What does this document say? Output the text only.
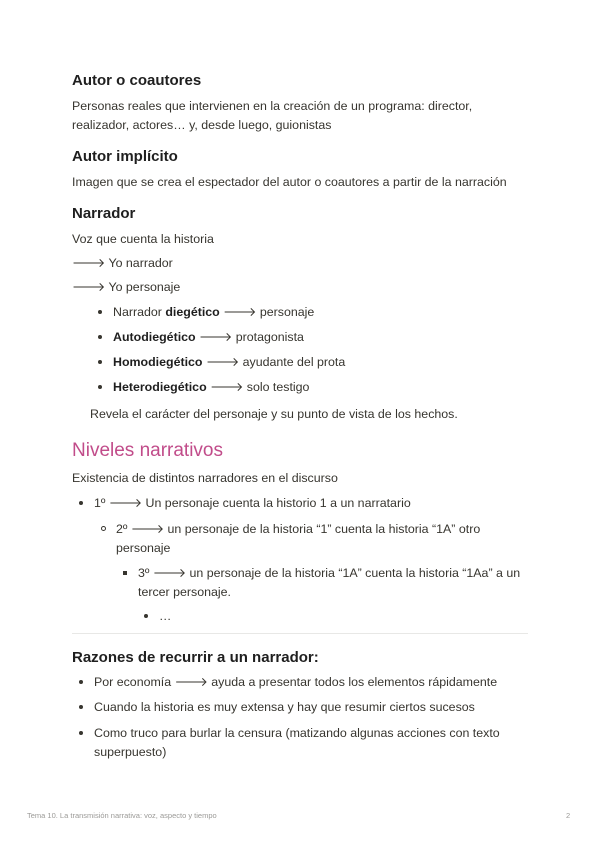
Autor o coautores
Personas reales que intervienen en la creación de un programa: director,
realizador, actores… y, desde luego, guionistas
Autor implícito
Imagen que se crea el espectador del autor o coautores a partir de la narración
Narrador
Voz que cuenta la historia
🡒 Yo narrador
🡒 Yo personaje
Narrador diegético 🡒 personaje
Autodiegético 🡒 protagonista
Homodiegético 🡒 ayudante del prota
Heterodiegético 🡒 solo testigo
Revela el carácter del personaje y su punto de vista de los hechos.
Niveles narrativos
Existencia de distintos narradores en el discurso
1º 🡒 Un personaje cuenta la historio 1 a un narratario
2º 🡒 un personaje de la historia “1” cuenta la historia “1A” otro
personaje
3º 🡒 un personaje de la historia “1A” cuenta la historia “1Aa” a un
tercer personaje.
…
Razones de recurrir a un narrador:
Por economía 🡒 ayuda a presentar todos los elementos rápidamente
Cuando la historia es muy extensa y hay que resumir ciertos sucesos
Como truco para burlar la censura (matizando algunas acciones con texto
superpuesto)
Tema 10. La transmisión narrativa: voz, aspecto y tiempo	2
